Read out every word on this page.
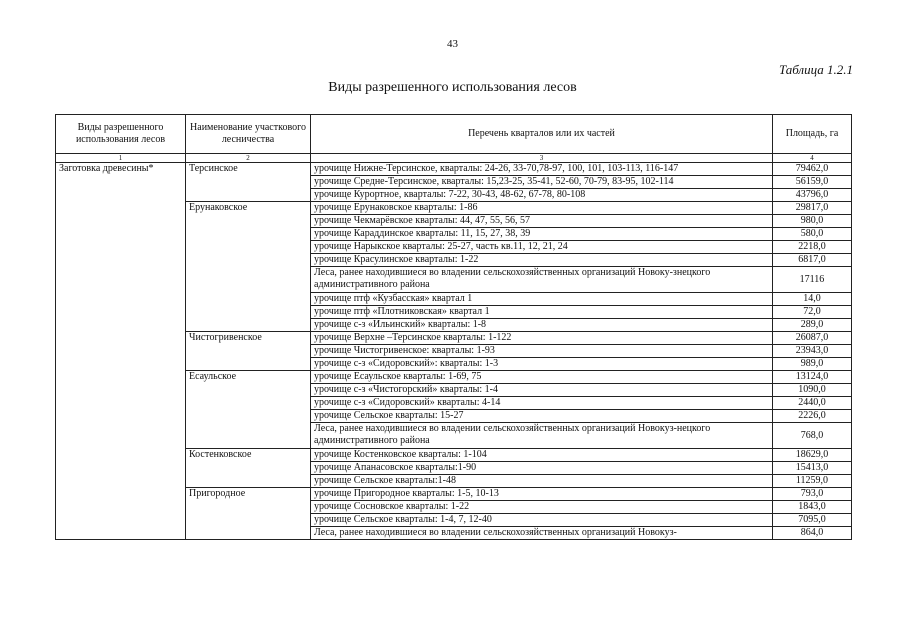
43
Таблица 1.2.1
Виды разрешенного использования лесов
Виды разрешенного использования лесов	Наименование участкового лесничества	Перечень кварталов или их частей	Площадь, га
1	2	3	4
Заготовка древесины*	Терсинское	урочище Нижне-Терсинское, кварталы: 24-26, 33-70,78-97, 100, 101, 103-113, 116-147	79462,0
		урочище Средне-Терсинское, кварталы: 15,23-25, 35-41, 52-60, 70-79, 83-95, 102-114	56159,0
		урочище Курортное, кварталы: 7-22, 30-43, 48-62, 67-78, 80-108	43796,0
	Ерунаковское	урочище Ерунаковское кварталы: 1-86	29817,0
		урочище Чекмарёвское кварталы: 44, 47, 55, 56, 57	980,0
		урочище Караддинское кварталы: 11, 15, 27, 38, 39	580,0
		урочище Нарыкское кварталы: 25-27, часть кв.11, 12, 21, 24	2218,0
		урочище Красулинское кварталы: 1-22	6817,0
		Леса, ранее находившиеся во владении сельскохозяйственных организаций Новоку-знецкого административного района	17116
		урочище птф «Кузбасская» квартал 1	14,0
		урочище птф «Плотниковская» квартал 1	72,0
		урочище с-з «Ильинский» кварталы: 1-8	289,0
	Чистогривенское	урочище Верхне –Терсинское кварталы: 1-122	26087,0
		урочище Чистогривенское: кварталы: 1-93	23943,0
		урочище с-з «Сидоровский»: кварталы: 1-3	989,0
	Есаульское	урочище Есаульское кварталы: 1-69, 75	13124,0
		урочище с-з «Чистогорский» кварталы: 1-4	1090,0
		урочище с-з «Сидоровский» кварталы: 4-14	2440,0
		урочище Сельское кварталы: 15-27	2226,0
		Леса, ранее находившиеся во владении сельскохозяйственных организаций Новокуз-нецкого административного района	768,0
	Костенковское	урочище Костенковское кварталы: 1-104	18629,0
		урочище Апанасовское кварталы:1-90	15413,0
		урочище Сельское кварталы:1-48	11259,0
	Пригородное	урочище Пригородное кварталы: 1-5, 10-13	793,0
		урочище Сосновское кварталы: 1-22	1843,0
		урочище Сельское кварталы: 1-4, 7, 12-40	7095,0
		Леса, ранее находившиеся во владении сельскохозяйственных организаций Новокуз-	864,0
